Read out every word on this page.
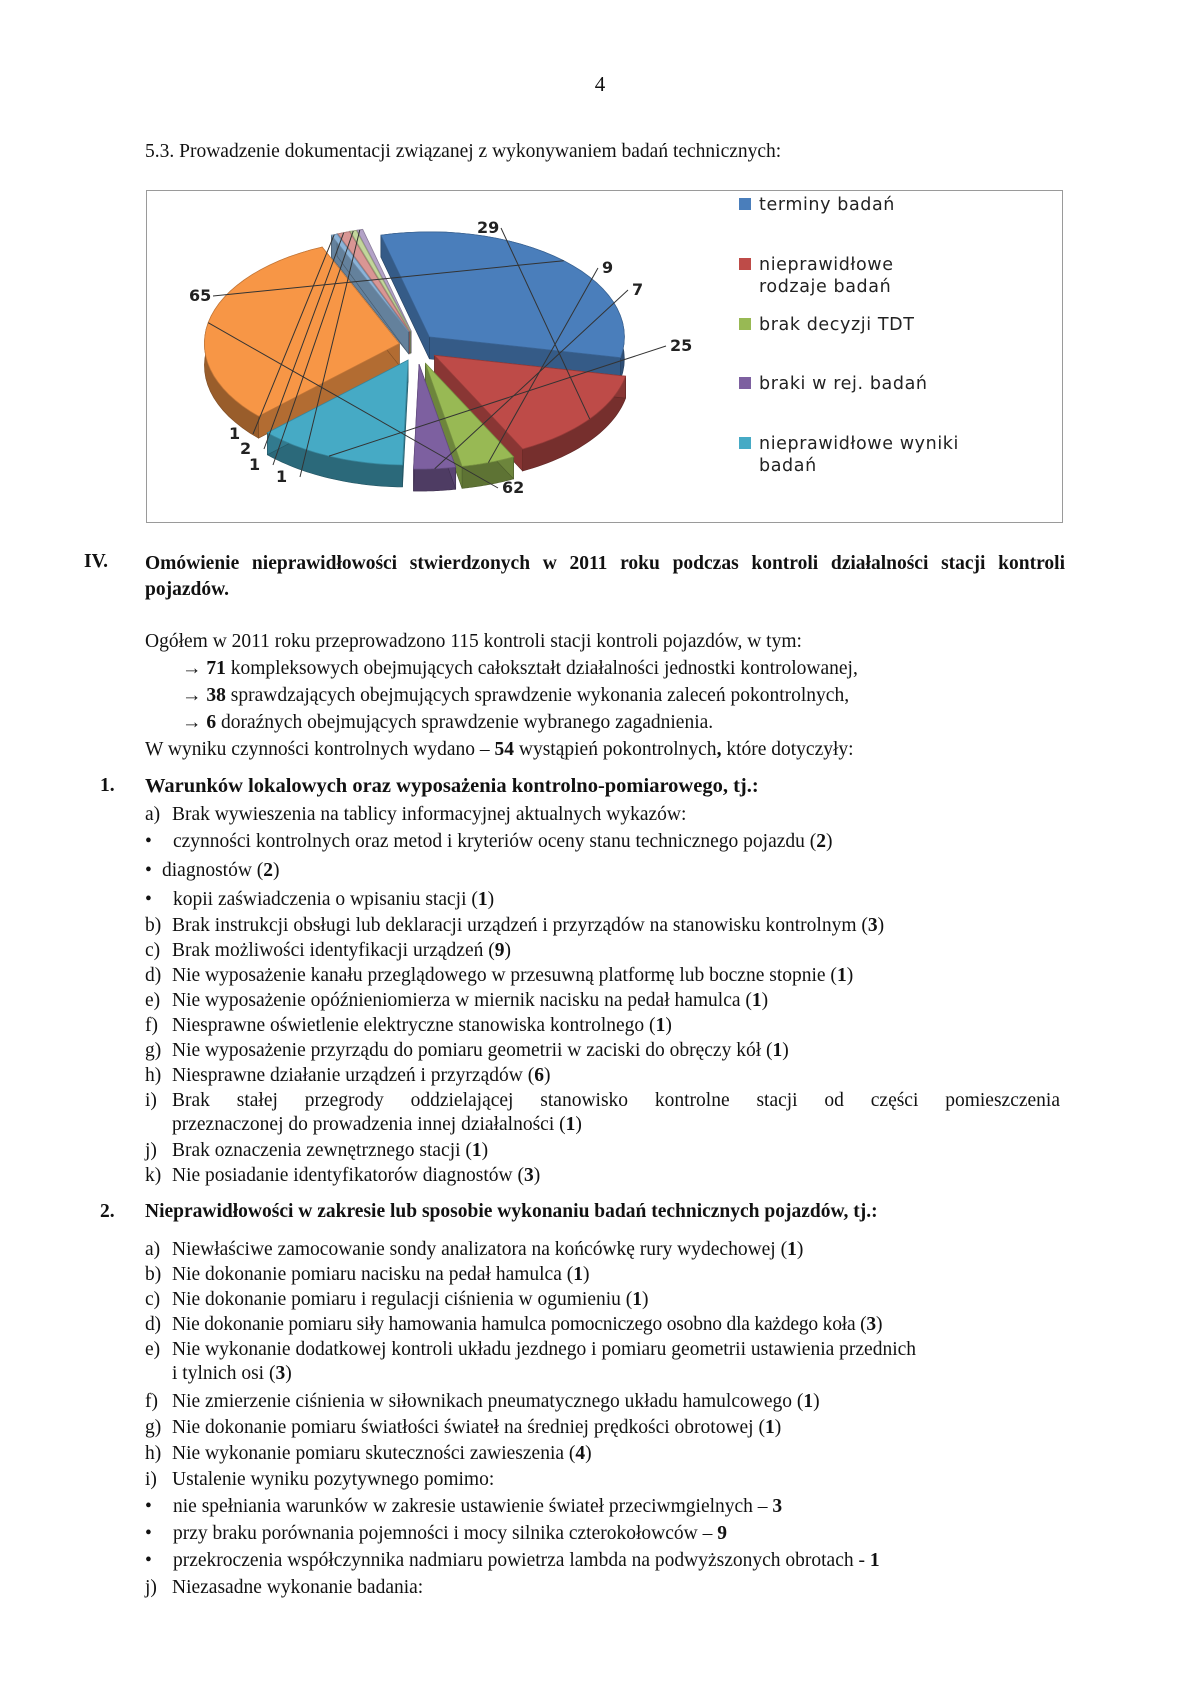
4
5.3. Prowadzenie dokumentacji związanej z wykonywaniem badań technicznych:
65
29
9
7
25
62
1
2
1
1
terminy badań
nieprawidłowe
rodzaje badań
brak decyzji TDT
braki w rej. badań
nieprawidłowe wyniki
badań
IV. Omówienie nieprawidłowości stwierdzonych w 2011 roku podczas kontroli działalności stacji kontroli pojazdów.
Ogółem w 2011 roku przeprowadzono 115 kontroli stacji kontroli pojazdów, w tym:
→ 71 kompleksowych obejmujących całokształt działalności jednostki kontrolowanej,
→ 38 sprawdzających obejmujących sprawdzenie wykonania zaleceń pokontrolnych,
→ 6 doraźnych obejmujących sprawdzenie wybranego zagadnienia.
W wyniku czynności kontrolnych wydano – 54 wystąpień pokontrolnych, które dotyczyły:
1. Warunków lokalowych oraz wyposażenia kontrolno-pomiarowego, tj.:
a) Brak wywieszenia na tablicy informacyjnej aktualnych wykazów:
• czynności kontrolnych oraz metod i kryteriów oceny stanu technicznego pojazdu (2)
• diagnostów (2)
• kopii zaświadczenia o wpisaniu stacji (1)
b) Brak instrukcji obsługi lub deklaracji urządzeń i przyrządów na stanowisku kontrolnym (3)
c) Brak możliwości identyfikacji urządzeń (9)
d) Nie wyposażenie kanału przeglądowego w przesuwną platformę lub boczne stopnie (1)
e) Nie wyposażenie opóźnieniomierza w miernik nacisku na pedał hamulca (1)
f) Niesprawne oświetlenie elektryczne stanowiska kontrolnego (1)
g) Nie wyposażenie przyrządu do pomiaru geometrii w zaciski do obręczy kół (1)
h) Niesprawne działanie urządzeń i przyrządów (6)
i) Brak stałej przegrody oddzielającej stanowisko kontrolne stacji od części pomieszczenia
przeznaczonej do prowadzenia innej działalności (1)
j) Brak oznaczenia zewnętrznego stacji (1)
k) Nie posiadanie identyfikatorów diagnostów (3)
2. Nieprawidłowości w zakresie lub sposobie wykonaniu badań technicznych pojazdów, tj.:
a) Niewłaściwe zamocowanie sondy analizatora na końcówkę rury wydechowej (1)
b) Nie dokonanie pomiaru nacisku na pedał hamulca (1)
c) Nie dokonanie pomiaru i regulacji ciśnienia w ogumieniu (1)
d) Nie dokonanie pomiaru siły hamowania hamulca pomocniczego osobno dla każdego koła (3)
e) Nie wykonanie dodatkowej kontroli układu jezdnego i pomiaru geometrii ustawienia przednich
i tylnich osi (3)
f) Nie zmierzenie ciśnienia w siłownikach pneumatycznego układu hamulcowego (1)
g) Nie dokonanie pomiaru światłości świateł na średniej prędkości obrotowej (1)
h) Nie wykonanie pomiaru skuteczności zawieszenia (4)
i) Ustalenie wyniku pozytywnego pomimo:
• nie spełniania warunków w zakresie ustawienie świateł przeciwmgielnych – 3
• przy braku porównania pojemności i mocy silnika czterokołowców – 9
• przekroczenia współczynnika nadmiaru powietrza lambda na podwyższonych obrotach - 1
j) Niezasadne wykonanie badania:
